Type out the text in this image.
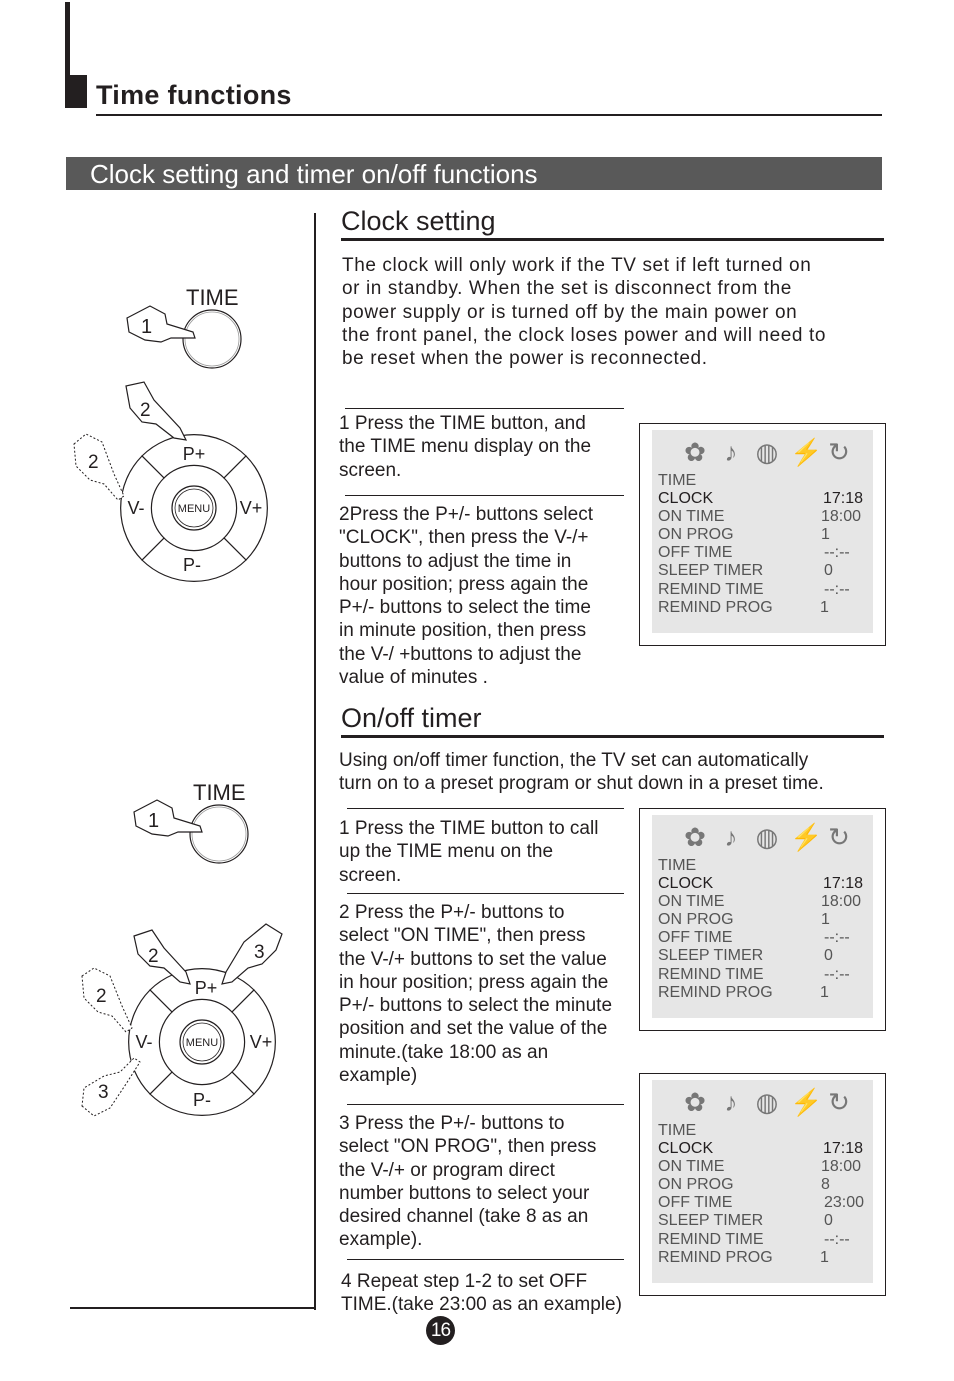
Time functions
Clock setting and timer on/off functions
TIME
1
MENU
P+
P-
V-	V+
2
2
TIME
1
MENU
P+
P-
V-	V+
2	3
2
3
Clock setting
The clock will only work if the TV set if left turned on
or in standby. When the set is disconnect from the
power supply or is turned off by the main power on
the front panel, the clock loses power and will need to
be reset when the power is reconnected.
1 Press the TIME button, and
the TIME menu display on the
screen.
2Press the P+/- buttons select
"CLOCK", then press the V-/+
buttons to adjust the time in
hour position; press again the
P+/- buttons to select the time
in minute position, then press
the V-/ +buttons to adjust the
value of minutes .
✿ ♪ ◍ ⚡ ↻
TIME
CLOCK	17:18
ON TIME	18:00
ON PROG	1
OFF TIME	--:--
SLEEP TIMER	0
REMIND TIME	--:--
REMIND PROG	1
On/off timer
Using on/off timer function, the TV set can automatically
turn on to a preset program or shut down in a preset time.
1 Press the TIME button to call
up the TIME menu on the
screen.
2 Press the P+/- buttons to
select "ON TIME", then press
the V-/+ buttons to set the value
in hour position; press again the
P+/- buttons to select the minute
position and set the value of the
minute.(take 18:00 as an
example)
3 Press the P+/- buttons to
select "ON PROG", then press
the V-/+ or program direct
number buttons to select your
desired channel (take 8 as an
example).
4 Repeat step 1-2 to set OFF
TIME.(take 23:00 as an example)
✿ ♪ ◍ ⚡ ↻
TIME
CLOCK	17:18
ON TIME	18:00
ON PROG	1
OFF TIME	--:--
SLEEP TIMER	0
REMIND TIME	--:--
REMIND PROG	1
✿ ♪ ◍ ⚡ ↻
TIME
CLOCK	17:18
ON TIME	18:00
ON PROG	8
OFF TIME	23:00
SLEEP TIMER	0
REMIND TIME	--:--
REMIND PROG	1
16
